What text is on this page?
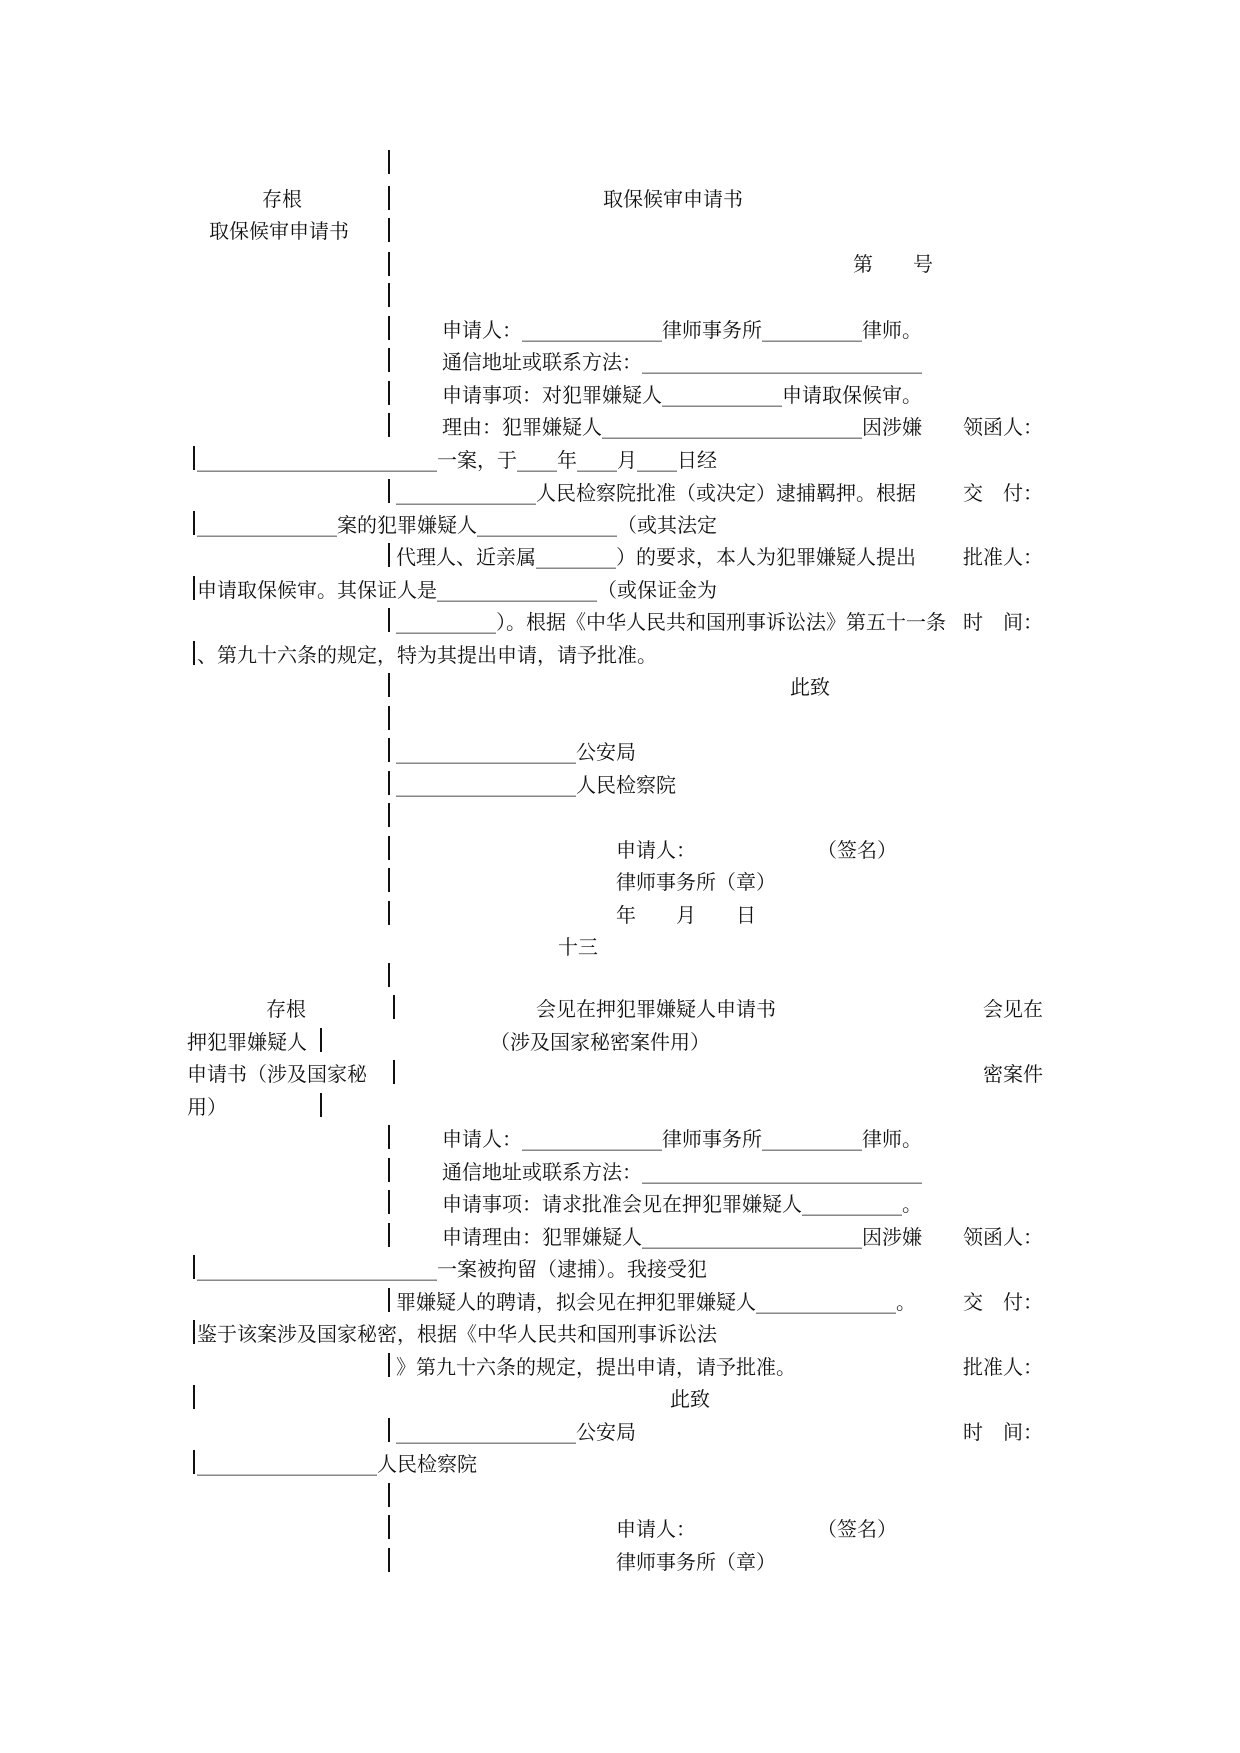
存根
取保候审申请书
取保候审申请书
第　　号
申请人：______________律师事务所__________律师。
通信地址或联系方法：____________________________
申请事项：对犯罪嫌疑人____________申请取保候审。
理由：犯罪嫌疑人__________________________因涉嫌
________________________一案，于____年____月____日经
______________人民检察院批准（或决定）逮捕羁押。根据
______________案的犯罪嫌疑人______________（或其法定
代理人、近亲属________）的要求，本人为犯罪嫌疑人提出
申请取保候审。其保证人是________________（或保证金为
__________）。根据《中华人民共和国刑事诉讼法》第五十一条
、第九十六条的规定，特为其提出申请，请予批准。
领函人：
交　付：
批准人：
时　间：
此致
__________________公安局
__________________人民检察院
申请人：	（签名）
律师事务所（章）
年　　月　　日
十三
存根
押犯罪嫌疑人
申请书（涉及国家秘
用）
会见在押犯罪嫌疑人申请书
（涉及国家秘密案件用）
会见在
密案件
申请人：______________律师事务所__________律师。
通信地址或联系方法：____________________________
申请事项：请求批准会见在押犯罪嫌疑人__________。
申请理由：犯罪嫌疑人______________________因涉嫌
________________________一案被拘留（逮捕）。我接受犯
罪嫌疑人的聘请，拟会见在押犯罪嫌疑人______________。
鉴于该案涉及国家秘密，根据《中华人民共和国刑事诉讼法
》第九十六条的规定，提出申请，请予批准。
领函人：
交　付：
批准人：
时　间：
此致
__________________公安局
__________________人民检察院
申请人：	（签名）
律师事务所（章）
